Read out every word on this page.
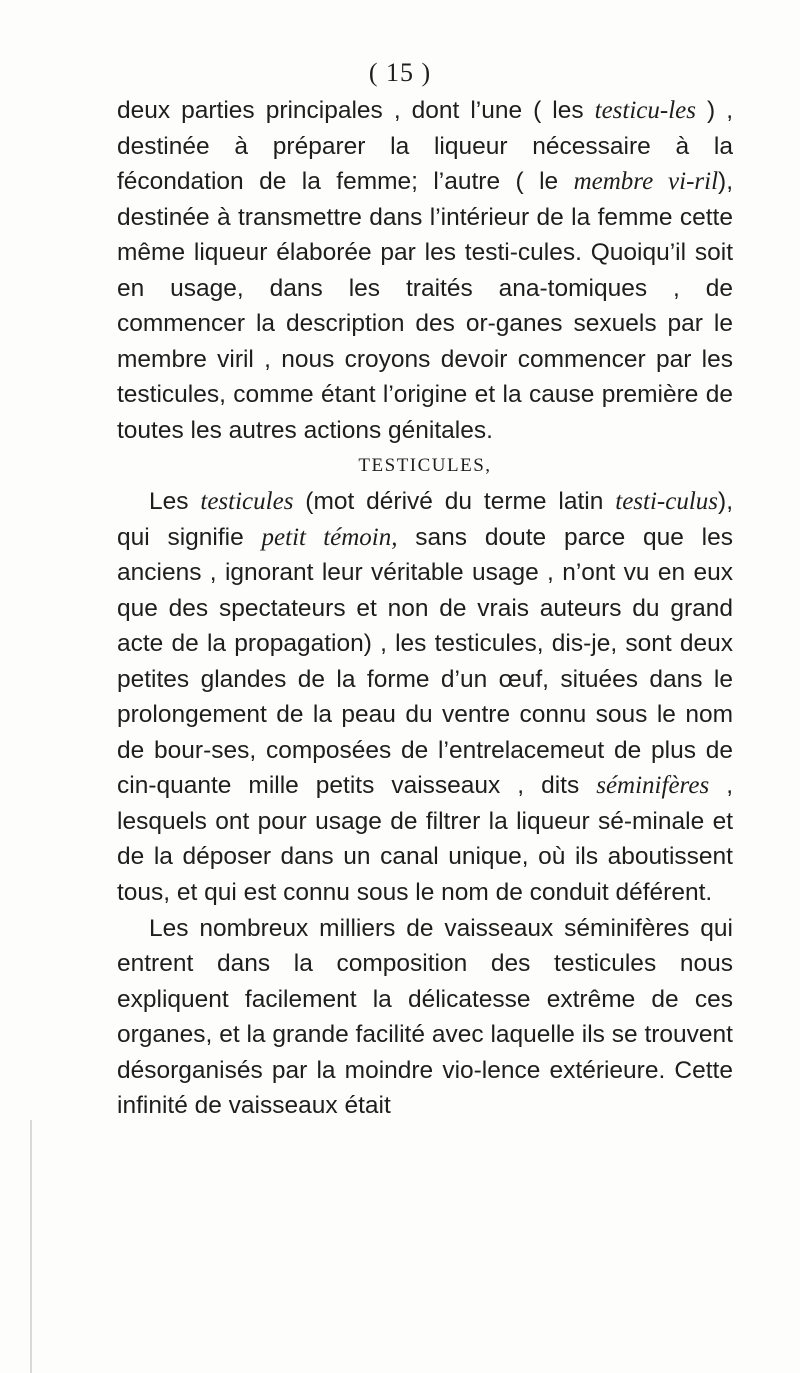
( 15 )

deux parties principales , dont l’une ( les testicu-les ) , destinée à préparer la liqueur nécessaire à la fécondation de la femme; l’autre ( le membre vi-ril), destinée à transmettre dans l’intérieur de la femme cette même liqueur élaborée par les testi-cules. Quoiqu’il soit en usage, dans les traités ana-tomiques , de commencer la description des or-ganes sexuels par le membre viril , nous croyons devoir commencer par les testicules, comme étant l’origine et la cause première de toutes les autres actions génitales.

TESTICULES,

Les testicules (mot dérivé du terme latin testi-culus), qui signifie petit témoin, sans doute parce que les anciens , ignorant leur véritable usage , n’ont vu en eux que des spectateurs et non de vrais auteurs du grand acte de la propagation) , les testicules, dis-je, sont deux petites glandes de la forme d’un œuf, situées dans le prolongement de la peau du ventre connu sous le nom de bour-ses, composées de l’entrelacemeut de plus de cin-quante mille petits vaisseaux , dits séminifères , lesquels ont pour usage de filtrer la liqueur sé-minale et de la déposer dans un canal unique, où ils aboutissent tous, et qui est connu sous le nom de conduit déférent.

Les nombreux milliers de vaisseaux séminifères qui entrent dans la composition des testicules nous expliquent facilement la délicatesse extrême de ces organes, et la grande facilité avec laquelle ils se trouvent désorganisés par la moindre vio-lence extérieure. Cette infinité de vaisseaux était
